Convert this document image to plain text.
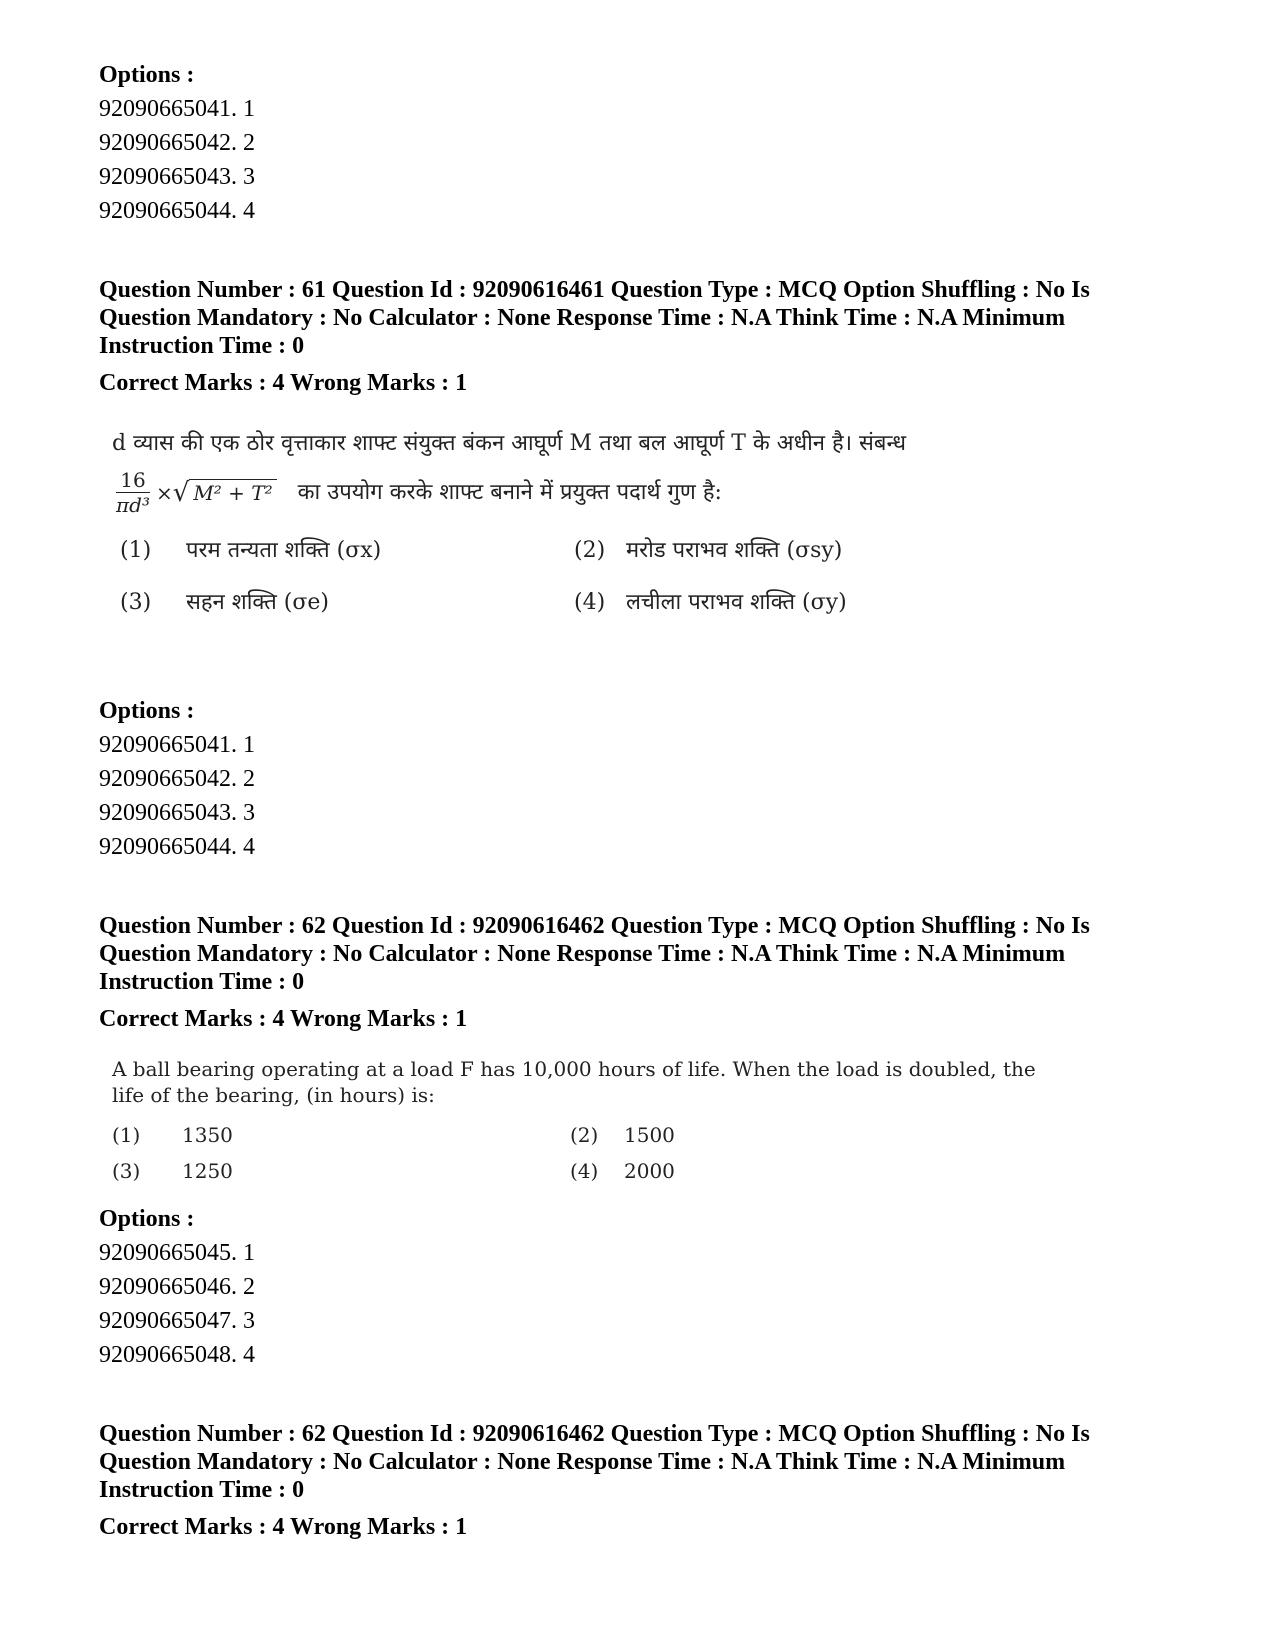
Options :
92090665041. 1
92090665042. 2
92090665043. 3
92090665044. 4
Question Number : 61 Question Id : 92090616461 Question Type : MCQ Option Shuffling : No Is
Question Mandatory : No Calculator : None Response Time : N.A Think Time : N.A Minimum
Instruction Time : 0
Correct Marks : 4 Wrong Marks : 1
d व्यास की एक ठोर वृत्ताकार शाफ्ट संयुक्त बंकन आघूर्ण M तथा बल आघूर्ण T के अधीन है। संबन्ध
$\frac{16}{\text{πd³}}$ × √ M² + T² का उपयोग करके शाफ्ट बनाने में प्रयुक्त पदार्थ गुण है:
(1) परम तन्यता शक्ति (σx)	(2) मरोड पराभव शक्ति (σsy)
(3) सहन शक्ति (σe)	(4) लचीला पराभव शक्ति (σy)
Options :
92090665041. 1
92090665042. 2
92090665043. 3
92090665044. 4
Question Number : 62 Question Id : 92090616462 Question Type : MCQ Option Shuffling : No Is
Question Mandatory : No Calculator : None Response Time : N.A Think Time : N.A Minimum
Instruction Time : 0
Correct Marks : 4 Wrong Marks : 1
A ball bearing operating at a load F has 10,000 hours of life. When the load is doubled, the
life of the bearing, (in hours) is:
(1) 1350	(2) 1500
(3) 1250	(4) 2000
Options :
92090665045. 1
92090665046. 2
92090665047. 3
92090665048. 4
Question Number : 62 Question Id : 92090616462 Question Type : MCQ Option Shuffling : No Is
Question Mandatory : No Calculator : None Response Time : N.A Think Time : N.A Minimum
Instruction Time : 0
Correct Marks : 4 Wrong Marks : 1
